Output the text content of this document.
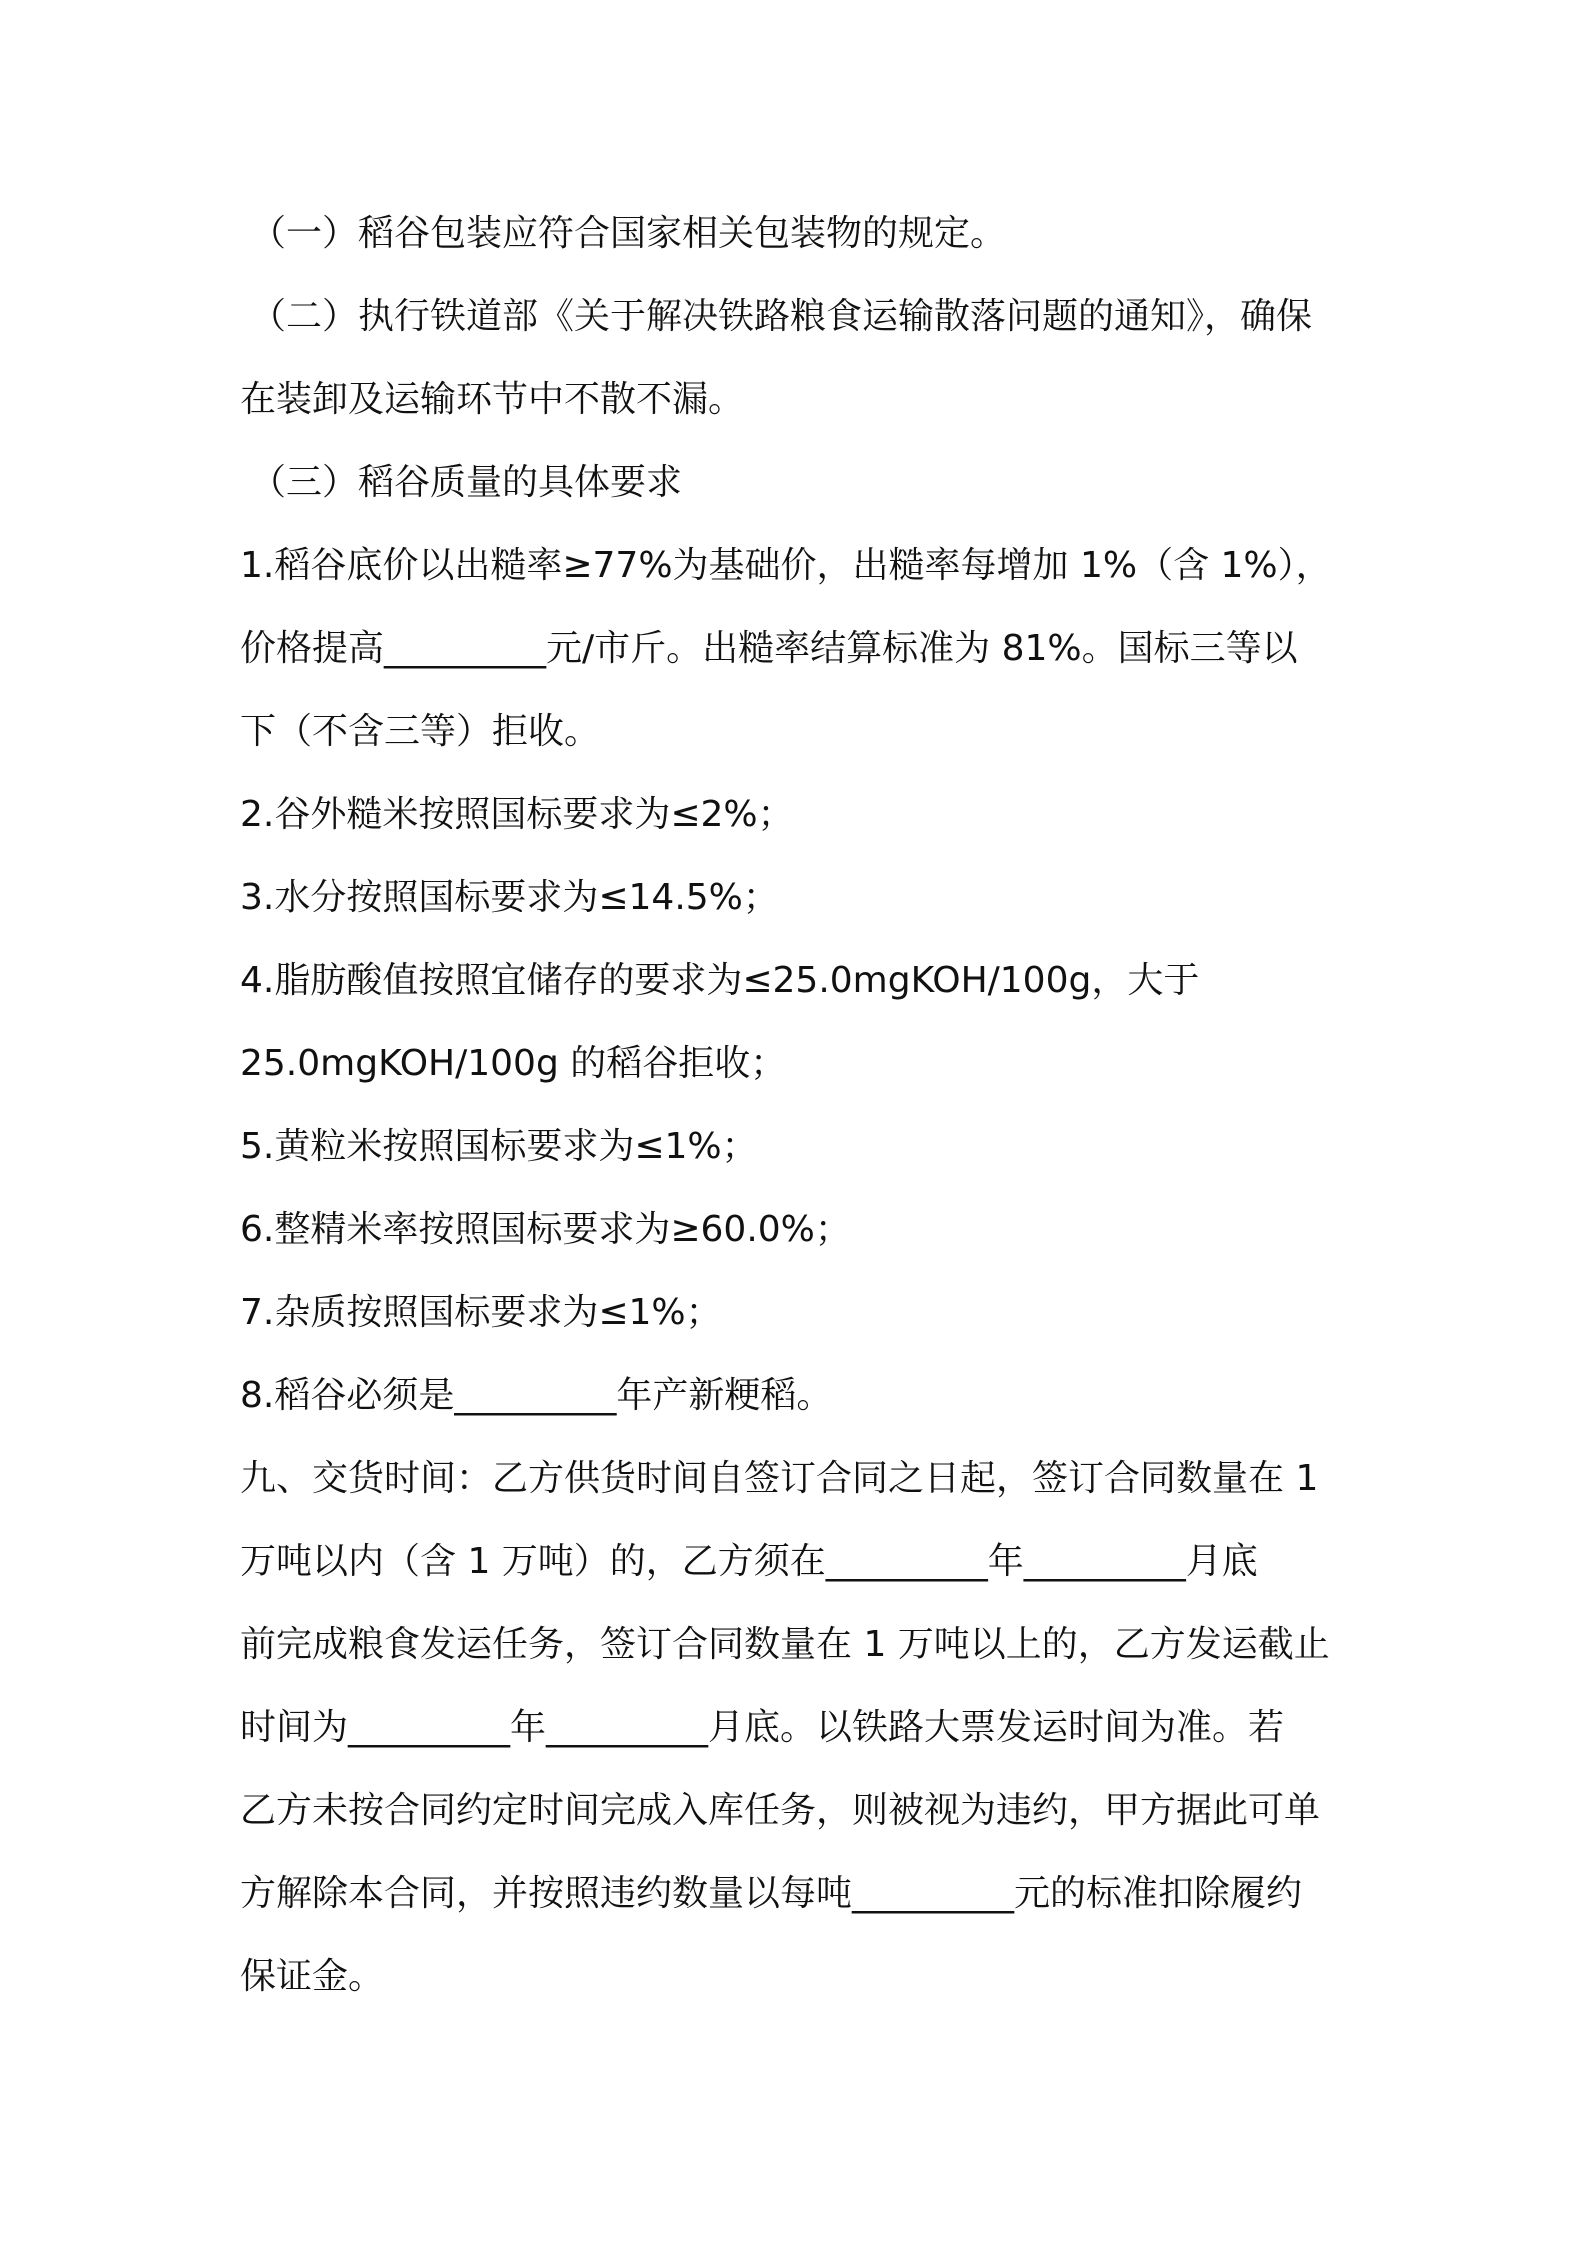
（一）稻谷包装应符合国家相关包装物的规定。
（二）执行铁道部《关于解决铁路粮食运输散落问题的通知》，确保
在装卸及运输环节中不散不漏。
（三）稻谷质量的具体要求
1.稻谷底价以出糙率≥77%为基础价，出糙率每增加 1%（含 1%），
价格提高_________元/市斤。出糙率结算标准为 81%。国标三等以
下（不含三等）拒收。
2.谷外糙米按照国标要求为≤2%；
3.水分按照国标要求为≤14.5%；
4.脂肪酸值按照宜储存的要求为≤25.0mgKOH/100g，大于
25.0mgKOH/100g 的稻谷拒收；
5.黄粒米按照国标要求为≤1%；
6.整精米率按照国标要求为≥60.0%；
7.杂质按照国标要求为≤1%；
8.稻谷必须是_________年产新粳稻。
九、交货时间：乙方供货时间自签订合同之日起，签订合同数量在 1
万吨以内（含 1 万吨）的，乙方须在_________年_________月底
前完成粮食发运任务，签订合同数量在 1 万吨以上的，乙方发运截止
时间为_________年_________月底。以铁路大票发运时间为准。若
乙方未按合同约定时间完成入库任务，则被视为违约，甲方据此可单
方解除本合同，并按照违约数量以每吨_________元的标准扣除履约
保证金。
